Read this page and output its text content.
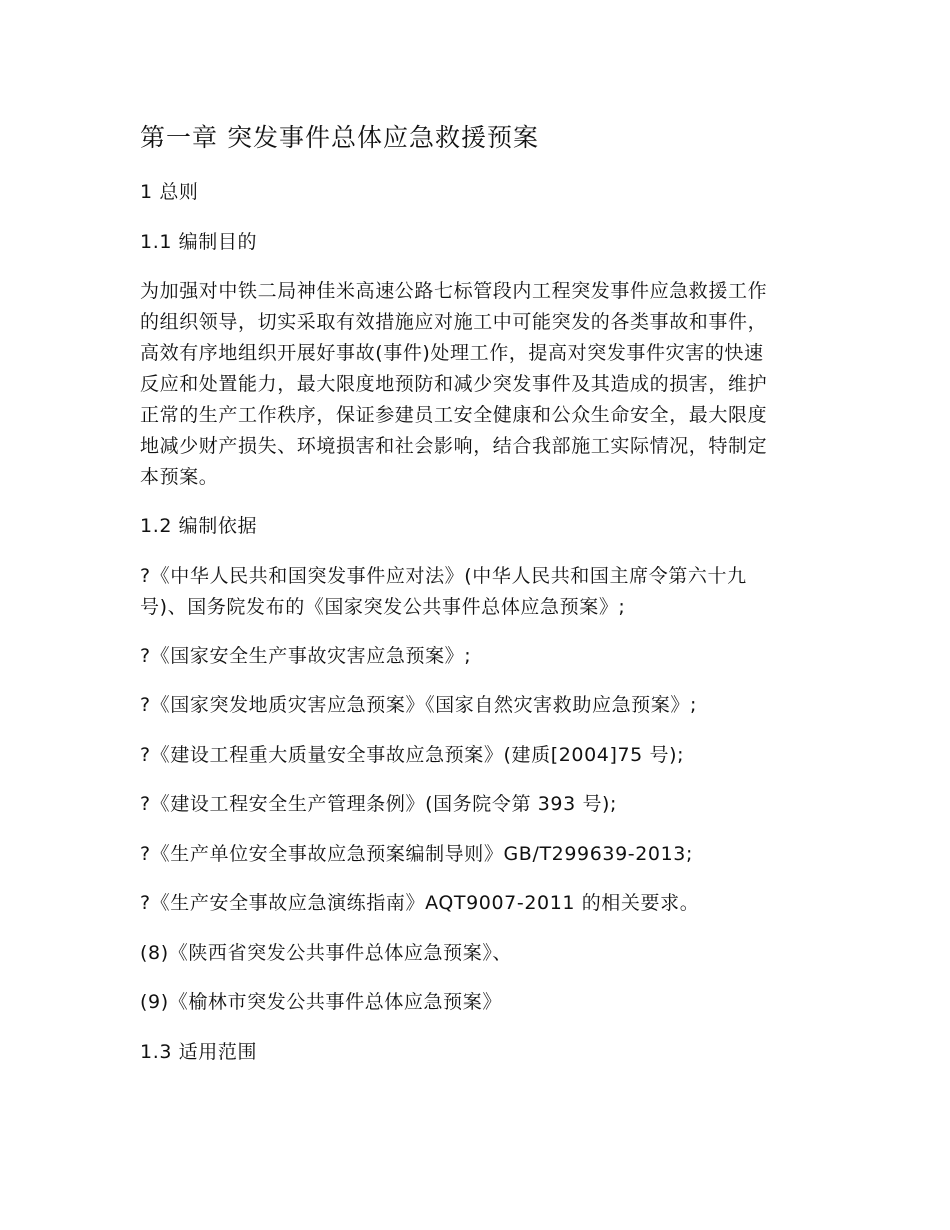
第一章 突发事件总体应急救援预案
1 总则
1.1 编制目的
为加强对中铁二局神佳米高速公路七标管段内工程突发事件应急救援工作
的组织领导，切实采取有效措施应对施工中可能突发的各类事故和事件，
高效有序地组织开展好事故(事件)处理工作，提高对突发事件灾害的快速
反应和处置能力，最大限度地预防和减少突发事件及其造成的损害，维护
正常的生产工作秩序，保证参建员工安全健康和公众生命安全，最大限度
地减少财产损失、环境损害和社会影响，结合我部施工实际情况，特制定
本预案。
1.2 编制依据
?《中华人民共和国突发事件应对法》(中华人民共和国主席令第六十九
号)、国务院发布的《国家突发公共事件总体应急预案》;
?《国家安全生产事故灾害应急预案》;
?《国家突发地质灾害应急预案》《国家自然灾害救助应急预案》;
?《建设工程重大质量安全事故应急预案》(建质[2004]75 号);
?《建设工程安全生产管理条例》(国务院令第 393 号);
?《生产单位安全事故应急预案编制导则》GB/T299639-2013;
?《生产安全事故应急演练指南》AQT9007-2011 的相关要求。
(8)《陕西省突发公共事件总体应急预案》、
(9)《榆林市突发公共事件总体应急预案》
1.3 适用范围
